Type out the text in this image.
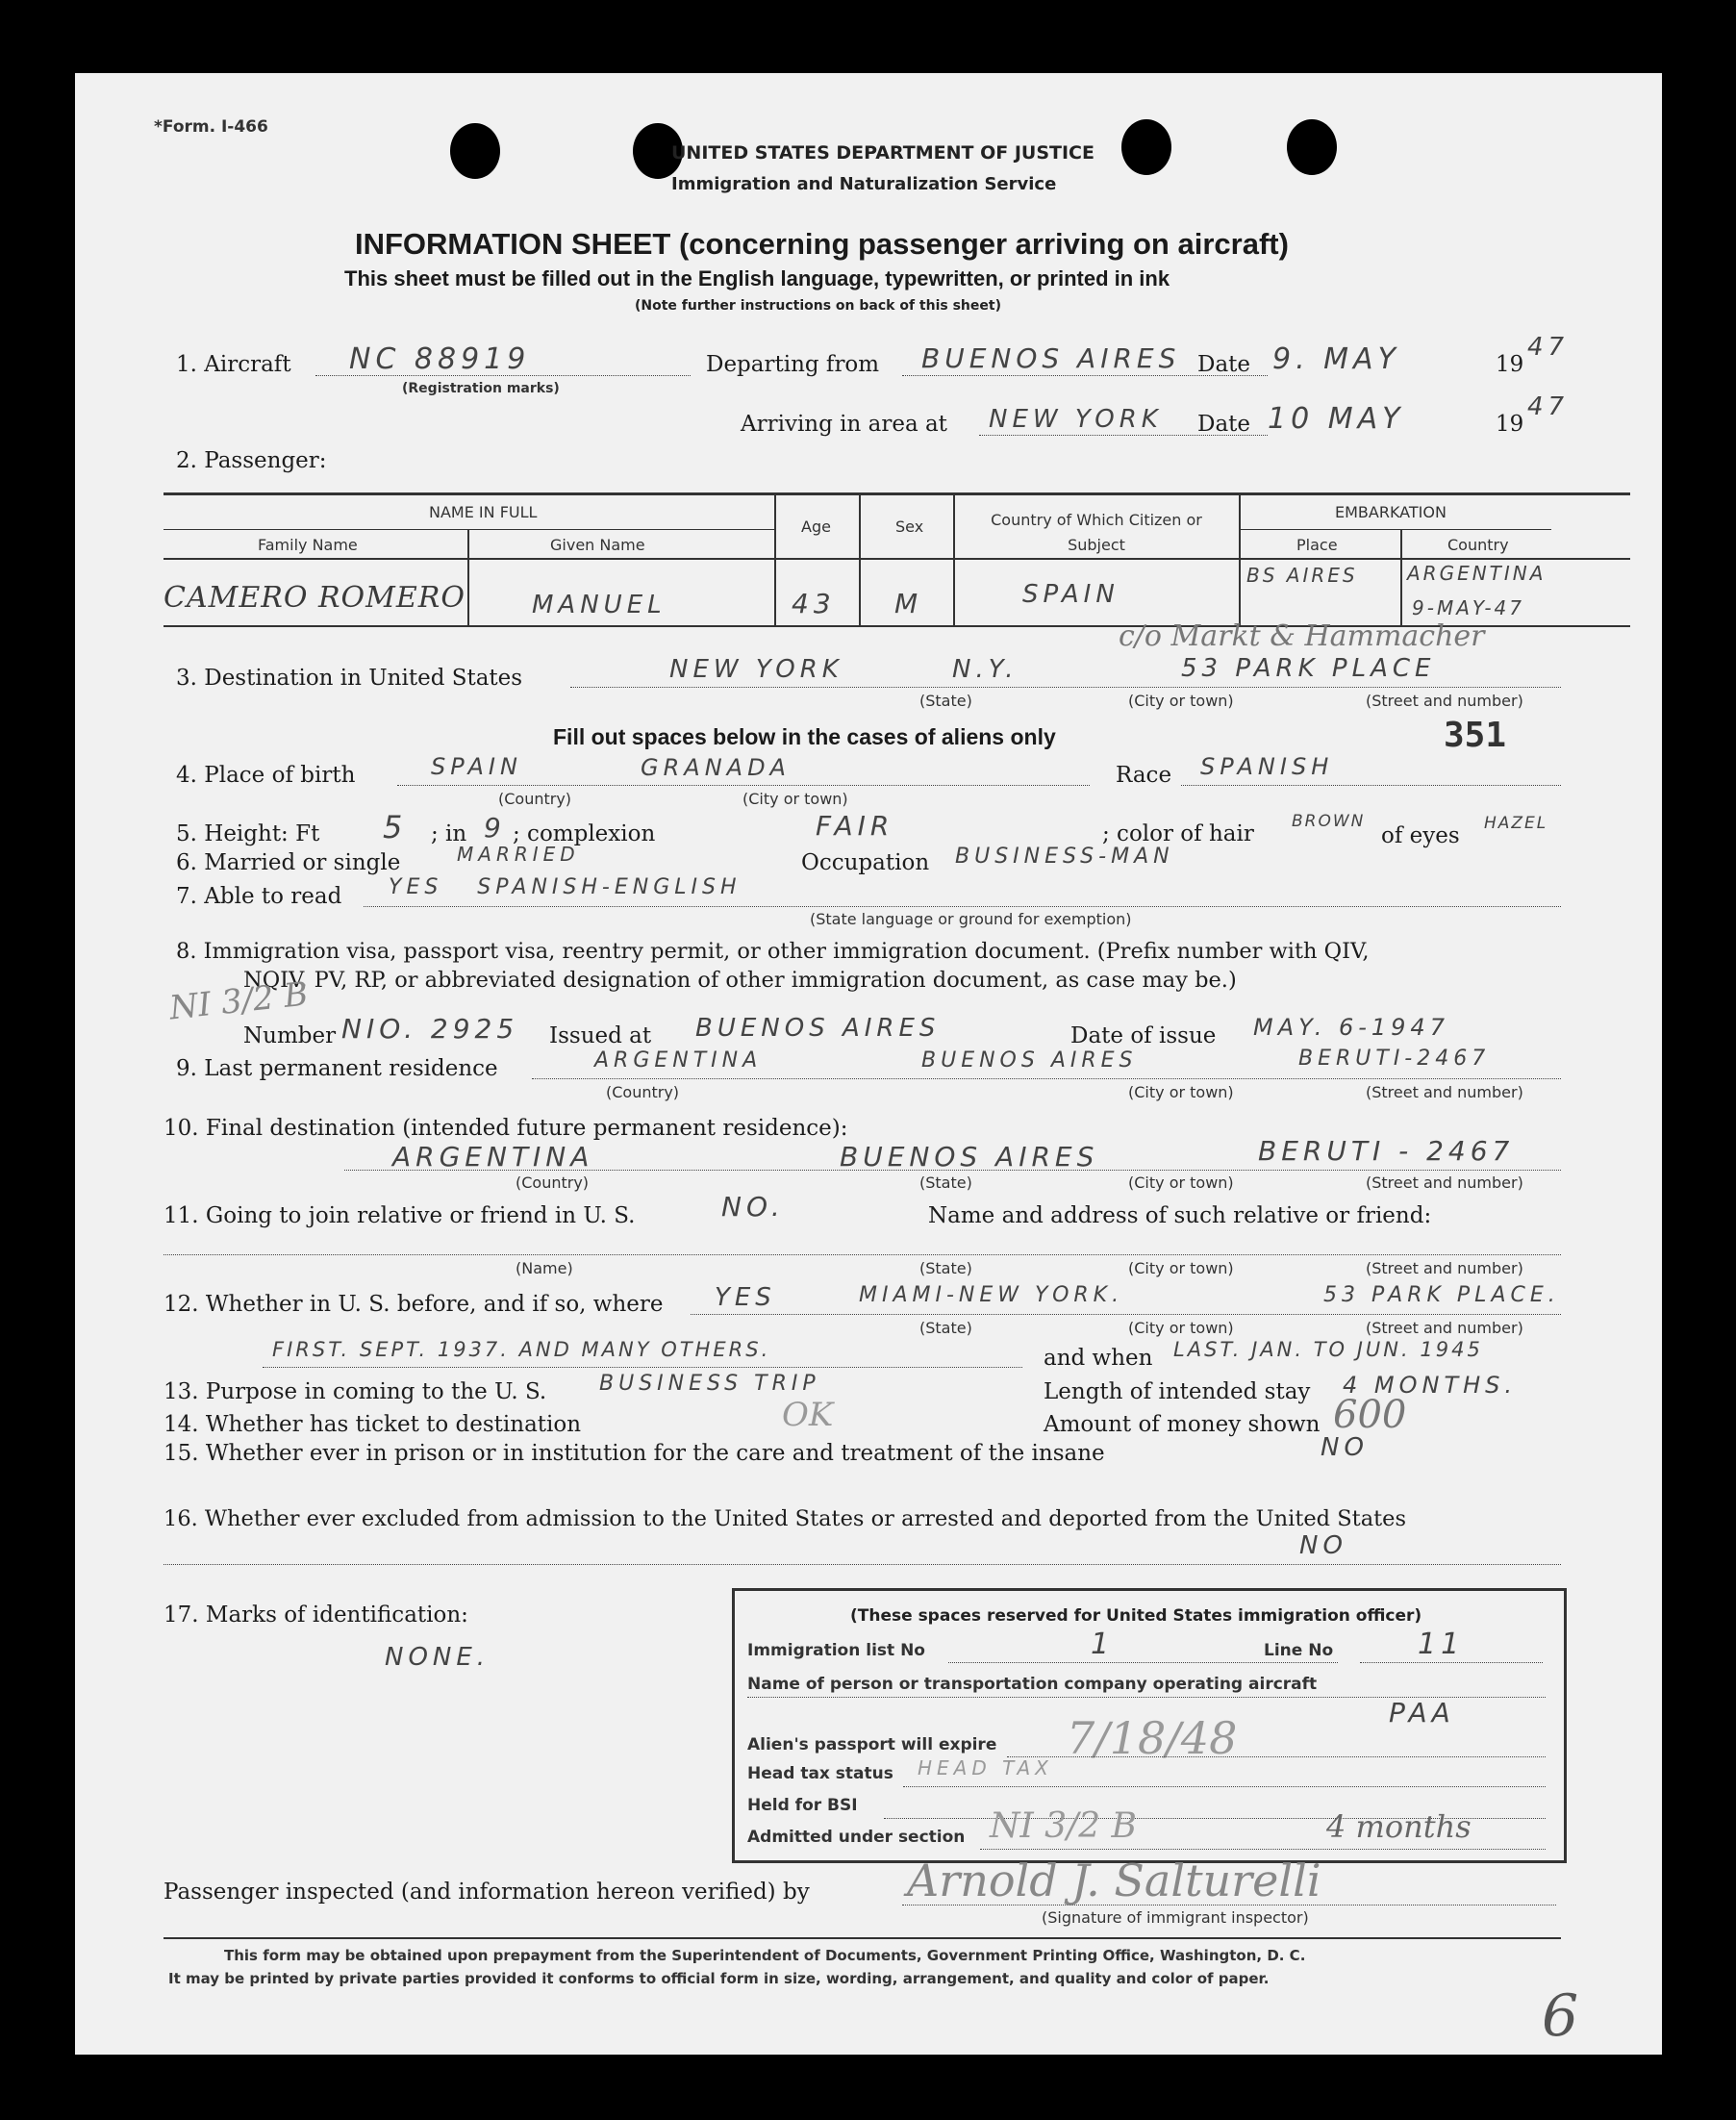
*Form. I-466
UNITED STATES DEPARTMENT OF JUSTICE
Immigration and Naturalization Service
INFORMATION SHEET (concerning passenger arriving on aircraft)
This sheet must be filled out in the English language, typewritten, or printed in ink
(Note further instructions on back of this sheet)
1. Aircraft NC 88919
(Registration marks)
Departing from BUENOS AIRES Date 9. MAY	19
47
Arriving in area at NEW YORK Date 10 MAY	19
47
2. Passenger:
NAME IN FULL
Family Name	Given Name
Age	Sex	Country of Which Citizen or Subject
EMBARKATION
Place	Country
CAMERO ROMERO	MANUEL	43 M	SPAIN
BS AIRES	ARGENTINA
9-MAY-47
3. Destination in United States	NEW YORK	N.Y.	53 PARK PLACE
c/o Markt & Hammacher
(State)	(City or town)	(Street and number)
Fill out spaces below in the cases of aliens only	351
4. Place of birth	SPAIN	GRANADA
(Country)	(City or town)
Race SPANISH
5. Height: Ft 5 ; in 9 ; complexion	FAIR	; color of hair BROWN
of eyes HAZEL
6. Married or single	MARRIED	Occupation BUSINESS-MAN
7. Able to read YES   SPANISH-ENGLISH
(State language or ground for exemption)
8. Immigration visa, passport visa, reentry permit, or other immigration document. (Prefix number with QIV,
NQIV, PV, RP, or abbreviated designation of other immigration document, as case may be.)
NI 3/2 B
Number NIO. 2925 Issued at BUENOS AIRES	Date of issue MAY. 6-1947
9. Last permanent residence	ARGENTINA	BUENOS AIRES	BERUTI-2467
(Country)	(City or town)	(Street and number)
10. Final destination (intended future permanent residence):
ARGENTINA	BUENOS AIRES	BERUTI - 2467
(Country)	(State)	(City or town)	(Street and number)
11. Going to join relative or friend in U. S.	NO.	Name and address of such relative or friend:
(Name)	(State)	(City or town)	(Street and number)
12. Whether in U. S. before, and if so, where YES	MIAMI-NEW YORK.	53 PARK PLACE.
(State)	(City or town)	(Street and number)
FIRST. SEPT. 1937. AND MANY OTHERS.	and when LAST. JAN. TO JUN. 1945
13. Purpose in coming to the U. S. BUSINESS TRIP	Length of intended stay 4 MONTHS.
14. Whether has ticket to destination	OK	Amount of money shown 600
15. Whether ever in prison or in institution for the care and treatment of the insane	NO
16. Whether ever excluded from admission to the United States or arrested and deported from the United States
NO
17. Marks of identification:
NONE.
(These spaces reserved for United States immigration officer)
Immigration list No	1	Line No	11
Name of person or transportation company operating aircraft
PAA
Alien's passport will expire 7/18/48
Head tax status HEAD TAX
Held for BSI
Admitted under section NI 3/2 B	4 months
Passenger inspected (and information hereon verified) by Arnold J. Salturelli
(Signature of immigrant inspector)
This form may be obtained upon prepayment from the Superintendent of Documents, Government Printing Office, Washington, D. C.
It may be printed by private parties provided it conforms to official form in size, wording, arrangement, and quality and color of paper.
6
